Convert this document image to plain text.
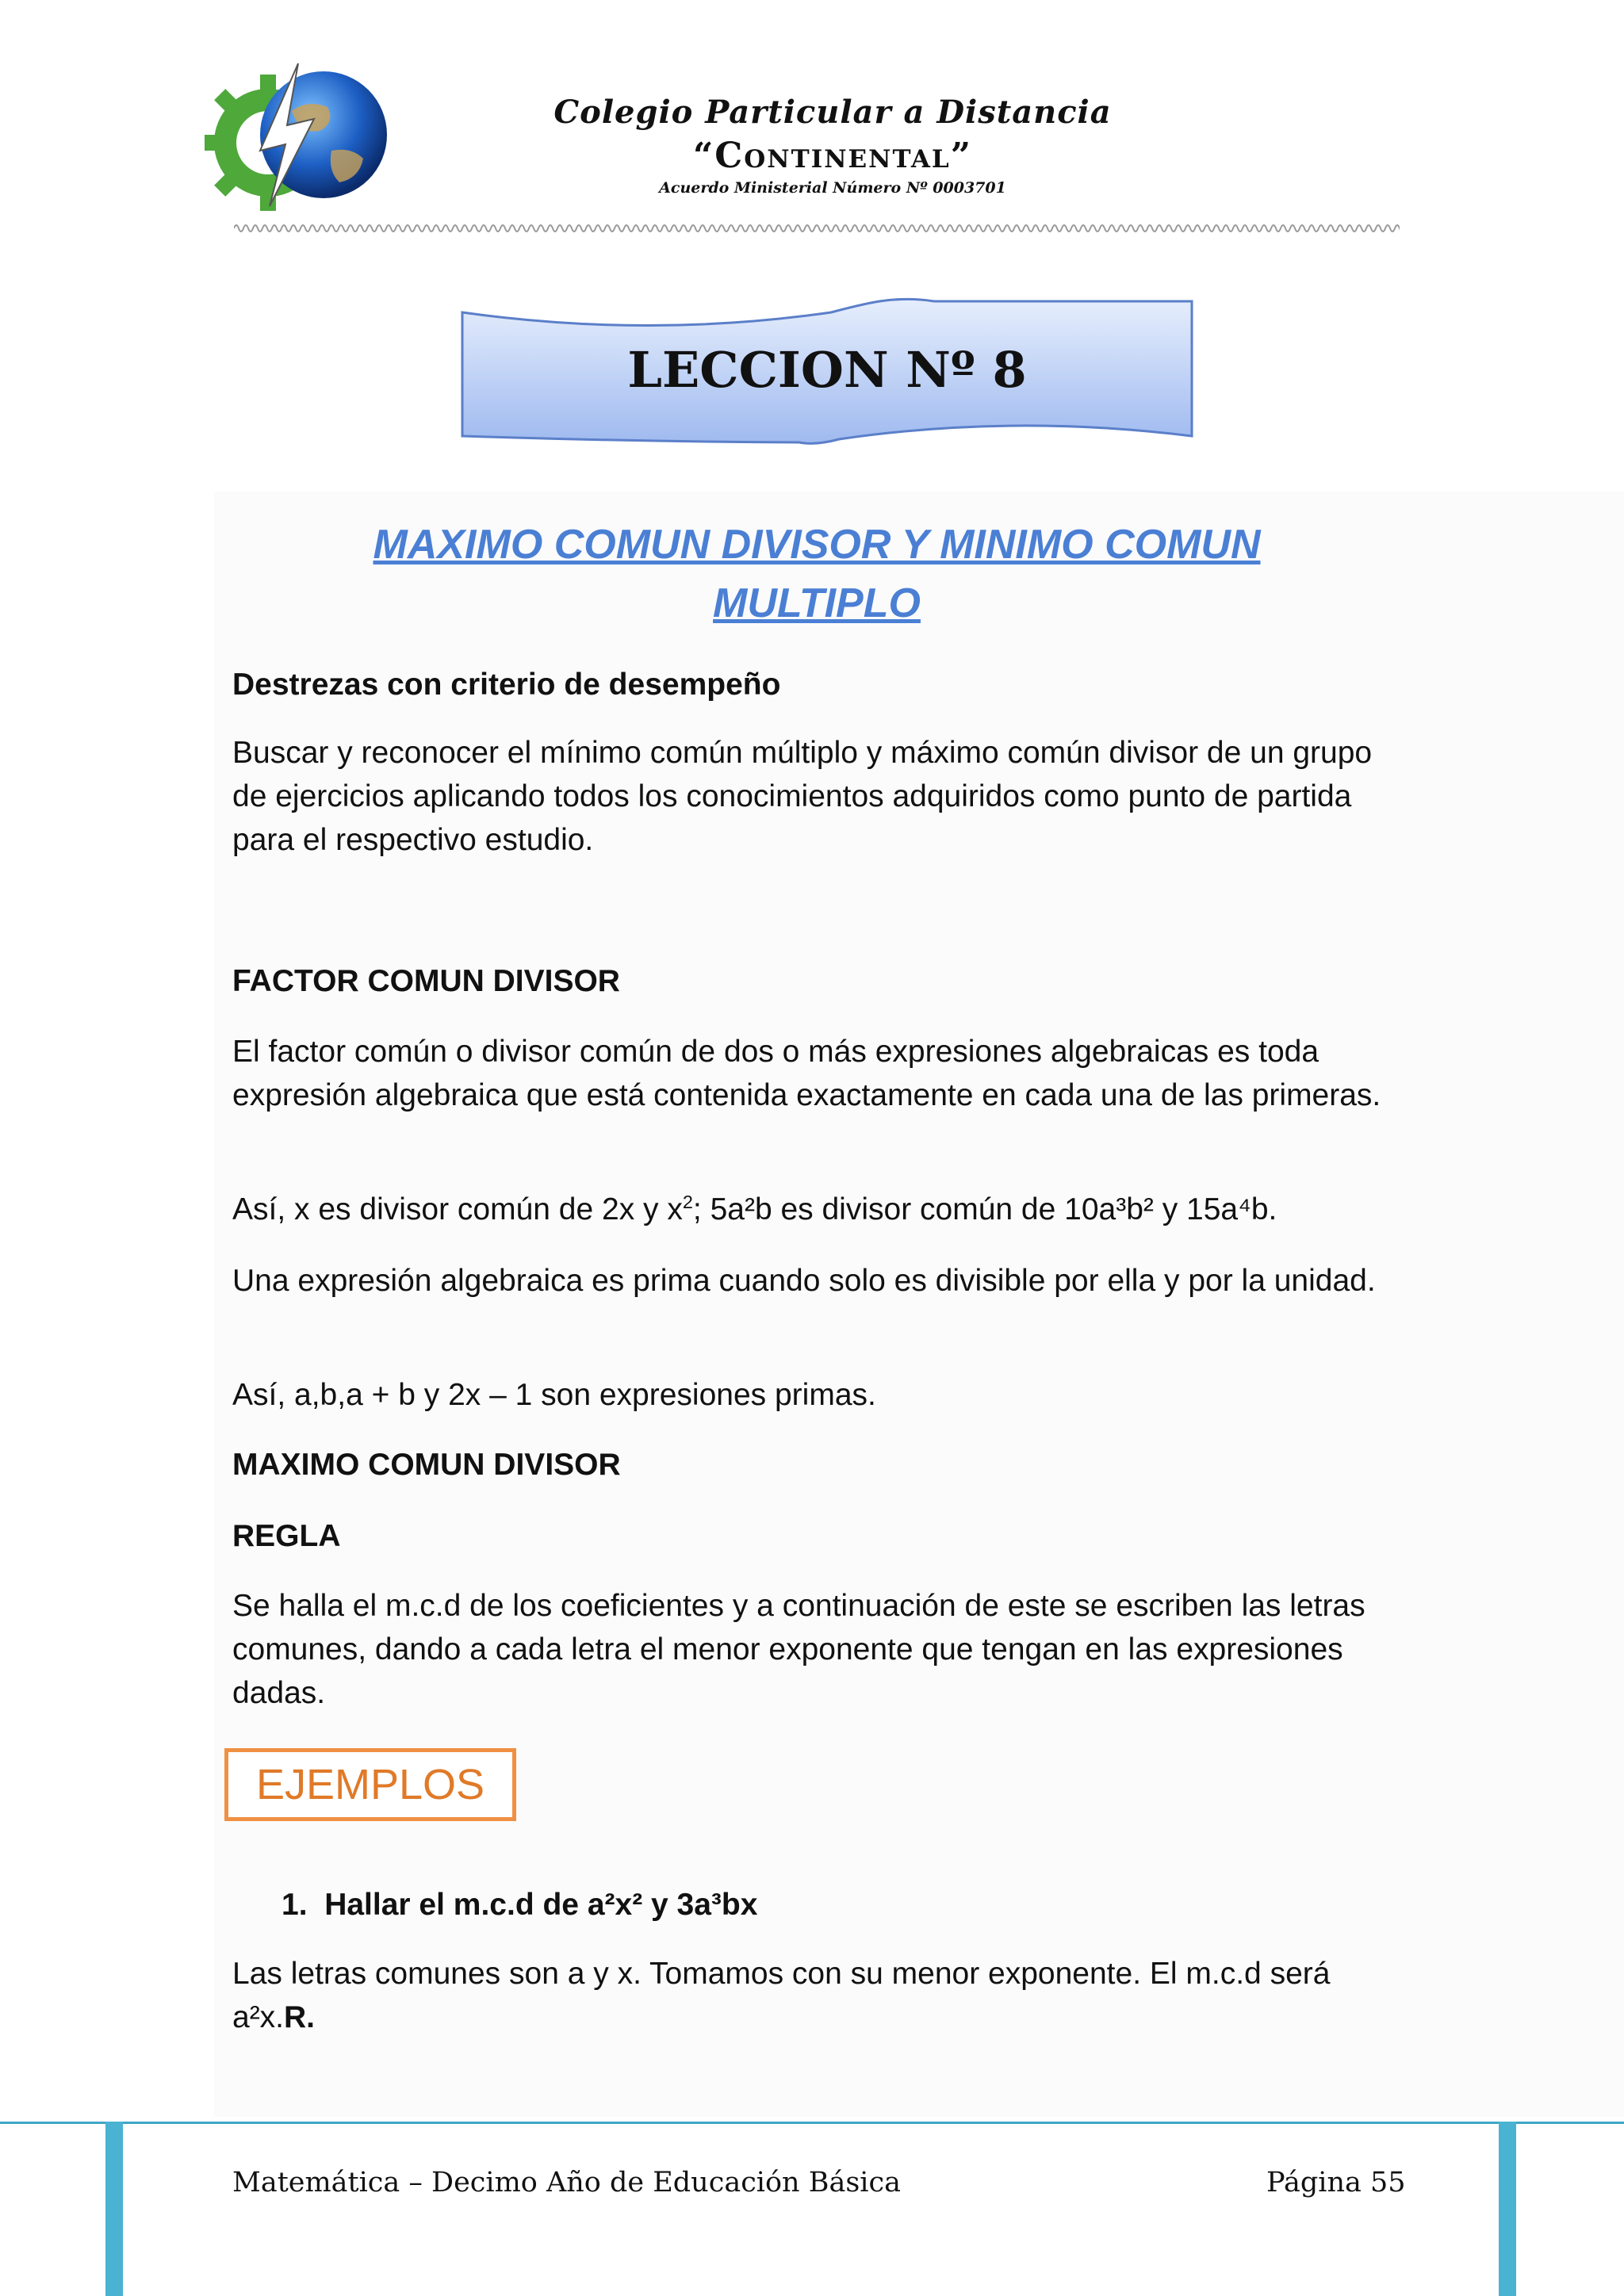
Colegio Particular a Distancia
“Continental”
Acuerdo Ministerial Número Nº 0003701
LECCION Nº 8
MAXIMO COMUN DIVISOR Y MINIMO COMUN
MULTIPLO

Destrezas con criterio de desempeño

Buscar y reconocer el mínimo común múltiplo y máximo común divisor de un grupo de ejercicios aplicando todos los conocimientos adquiridos como punto de partida para el respectivo estudio.

FACTOR COMUN DIVISOR

El factor común o divisor común de dos o más expresiones algebraicas es toda expresión algebraica que está contenida exactamente en cada una de las primeras.

Así, x es divisor común de 2x y $x^2$; 5a²b es divisor común de 10a³b² y 15a⁴b.

Una expresión algebraica es prima cuando solo es divisible por ella y por la unidad.

Así, a,b,a + b y 2x – 1 son expresiones primas.

MAXIMO COMUN DIVISOR

REGLA

Se halla el m.c.d de los coeficientes y a continuación de este se escriben las letras comunes, dando a cada letra el menor exponente que tengan en las expresiones dadas.

EJEMPLOS

1. Hallar el m.c.d de a²x² y 3a³bx

Las letras comunes son a y x. Tomamos con su menor exponente. El m.c.d será a²x.R.

Matemática – Decimo Año de Educación Básica	Página 55
